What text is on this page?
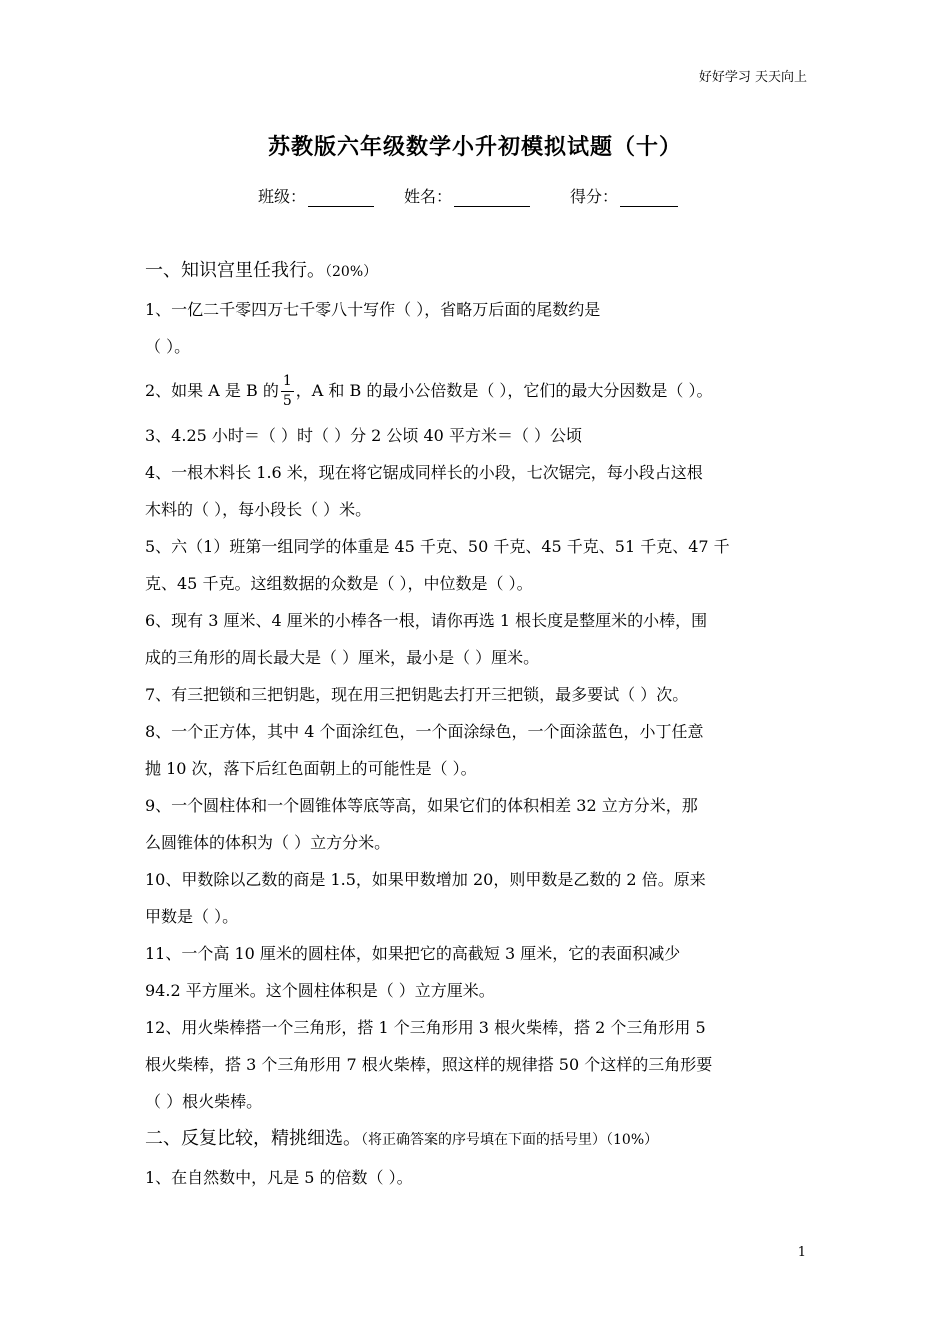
好好学习 天天向上
苏教版六年级数学小升初模拟试题（十）
班级：	姓名：	得分：
一、知识宫里任我行。（20%）
1、一亿二千零四万七千零八十写作（ ），省略万后面的尾数约是
（ ）。
2、如果 A 是 B 的 $\frac{1}{5}$ ，A 和 B 的最小公倍数是（ ），它们的最大分因数是（ ）。
3、4.25 小时＝（ ）时（ ）分 2 公顷 40 平方米＝（ ）公顷
4、一根木料长 1.6 米，现在将它锯成同样长的小段，七次锯完，每小段占这根
木料的（ ），每小段长（ ）米。
5、六（1）班第一组同学的体重是 45 千克、50 千克、45 千克、51 千克、47 千
克、45 千克。这组数据的众数是（ ），中位数是（ ）。
6、现有 3 厘米、4 厘米的小棒各一根，请你再选 1 根长度是整厘米的小棒，围
成的三角形的周长最大是（ ）厘米，最小是（ ）厘米。
7、有三把锁和三把钥匙，现在用三把钥匙去打开三把锁，最多要试（ ）次。
8、一个正方体，其中 4 个面涂红色，一个面涂绿色，一个面涂蓝色，小丁任意
抛 10 次，落下后红色面朝上的可能性是（ ）。
9、一个圆柱体和一个圆锥体等底等高，如果它们的体积相差 32 立方分米，那
么圆锥体的体积为（ ）立方分米。
10、甲数除以乙数的商是 1.5，如果甲数增加 20，则甲数是乙数的 2 倍。原来
甲数是（ ）。
11、一个高 10 厘米的圆柱体，如果把它的高截短 3 厘米，它的表面积减少
94.2 平方厘米。这个圆柱体积是（ ）立方厘米。
12、用火柴棒搭一个三角形，搭 1 个三角形用 3 根火柴棒，搭 2 个三角形用 5
根火柴棒，搭 3 个三角形用 7 根火柴棒，照这样的规律搭 50 个这样的三角形要
（ ）根火柴棒。
二、反复比较，精挑细选。（将正确答案的序号填在下面的括号里）（10%）
1、在自然数中，凡是 5 的倍数（ ）。
1
